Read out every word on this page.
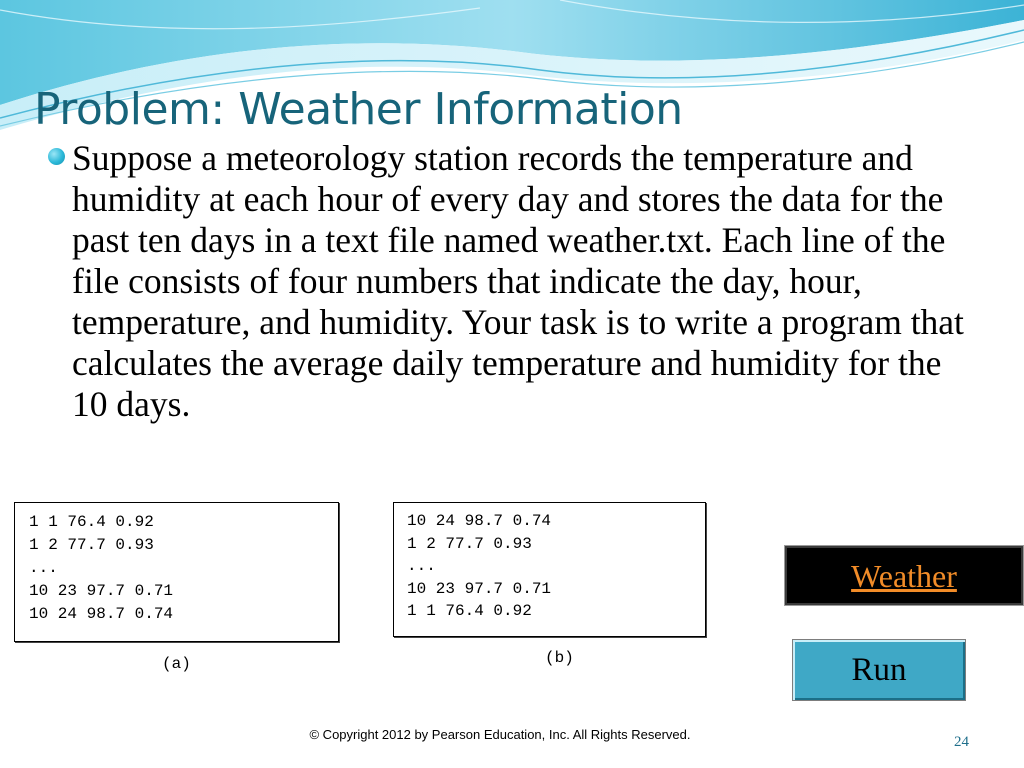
Problem: Weather Information

Suppose a meteorology station records the temperature and humidity at each hour of every day and stores the data for the past ten days in a text file named weather.txt. Each line of the file consists of four numbers that indicate the day, hour, temperature, and humidity. Your task is to write a program that calculates the average daily temperature and humidity for the 10 days.

1 1 76.4 0.92
1 2 77.7 0.93
...
10 23 97.7 0.71
10 24 98.7 0.74

(a)

10 24 98.7 0.74
1 2 77.7 0.93
...
10 23 97.7 0.71
1 1 76.4 0.92

(b)

Weather
Run

© Copyright 2012 by Pearson Education, Inc. All Rights Reserved.	24
